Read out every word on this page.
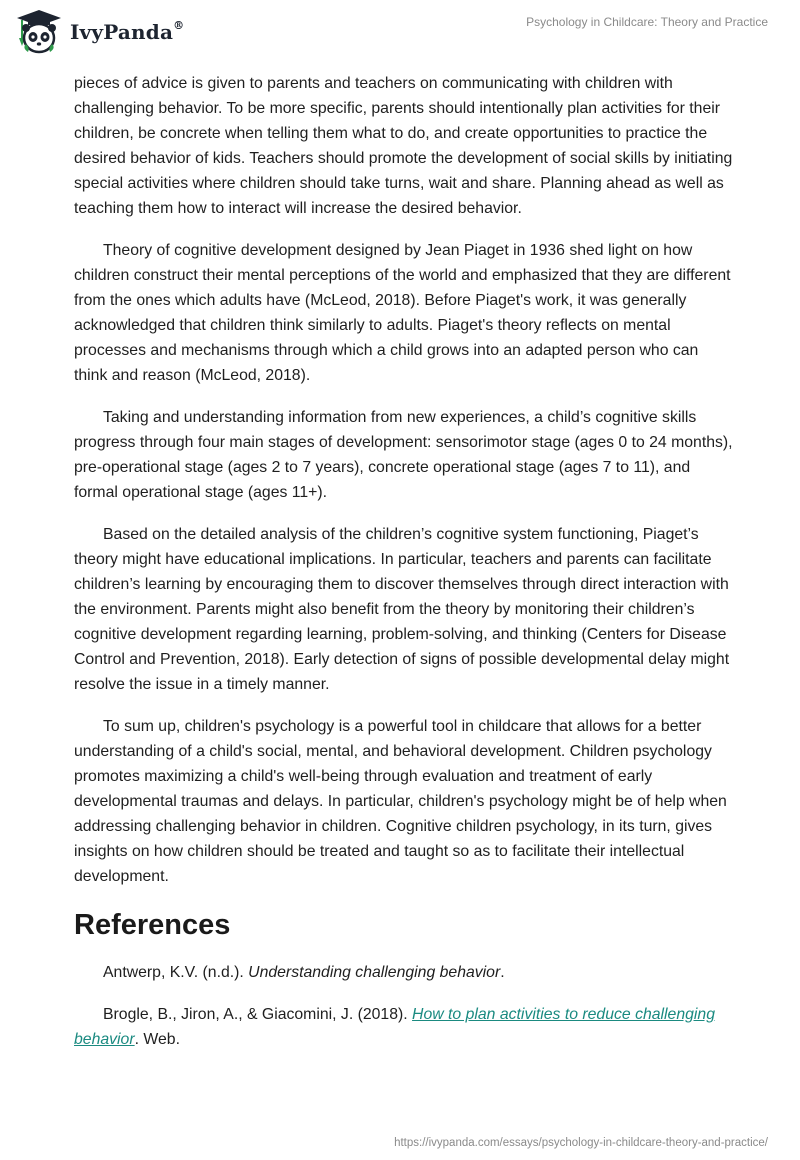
IvyPanda®	Psychology in Childcare: Theory and Practice

pieces of advice is given to parents and teachers on communicating with children with challenging behavior. To be more specific, parents should intentionally plan activities for their children, be concrete when telling them what to do, and create opportunities to practice the desired behavior of kids. Teachers should promote the development of social skills by initiating special activities where children should take turns, wait and share. Planning ahead as well as teaching them how to interact will increase the desired behavior.

Theory of cognitive development designed by Jean Piaget in 1936 shed light on how children construct their mental perceptions of the world and emphasized that they are different from the ones which adults have (McLeod, 2018). Before Piaget's work, it was generally acknowledged that children think similarly to adults. Piaget's theory reflects on mental processes and mechanisms through which a child grows into an adapted person who can think and reason (McLeod, 2018).

Taking and understanding information from new experiences, a child’s cognitive skills progress through four main stages of development: sensorimotor stage (ages 0 to 24 months), pre-operational stage (ages 2 to 7 years), concrete operational stage (ages 7 to 11), and formal operational stage (ages 11+).

Based on the detailed analysis of the children’s cognitive system functioning, Piaget’s theory might have educational implications. In particular, teachers and parents can facilitate children’s learning by encouraging them to discover themselves through direct interaction with the environment. Parents might also benefit from the theory by monitoring their children’s cognitive development regarding learning, problem-solving, and thinking (Centers for Disease Control and Prevention, 2018). Early detection of signs of possible developmental delay might resolve the issue in a timely manner.

To sum up, children's psychology is a powerful tool in childcare that allows for a better understanding of a child's social, mental, and behavioral development. Children psychology promotes maximizing a child's well-being through evaluation and treatment of early developmental traumas and delays. In particular, children's psychology might be of help when addressing challenging behavior in children. Cognitive children psychology, in its turn, gives insights on how children should be treated and taught so as to facilitate their intellectual development.

References

Antwerp, K.V. (n.d.). Understanding challenging behavior.

Brogle, B., Jiron, A., & Giacomini, J. (2018). How to plan activities to reduce challenging behavior. Web.

https://ivypanda.com/essays/psychology-in-childcare-theory-and-practice/
